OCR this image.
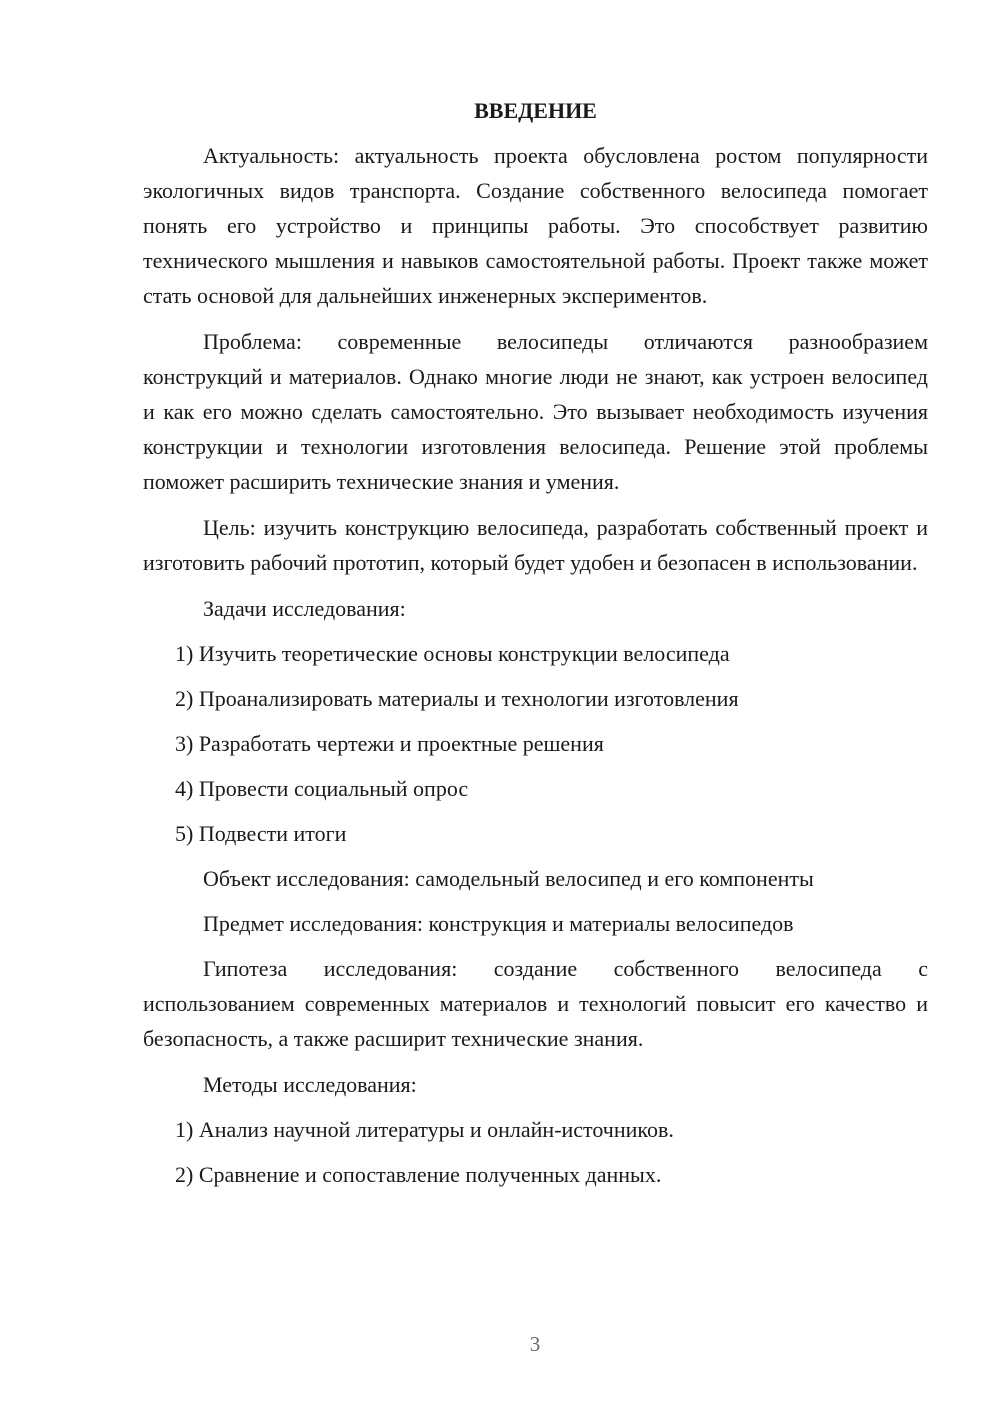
ВВЕДЕНИЕ

Актуальность: актуальность проекта обусловлена ростом популярности экологичных видов транспорта. Создание собственного велосипеда помогает понять его устройство и принципы работы. Это способствует развитию технического мышления и навыков самостоятельной работы. Проект также может стать основой для дальнейших инженерных экспериментов.

Проблема: современные велосипеды отличаются разнообразием конструкций и материалов. Однако многие люди не знают, как устроен велосипед и как его можно сделать самостоятельно. Это вызывает необходимость изучения конструкции и технологии изготовления велосипеда. Решение этой проблемы поможет расширить технические знания и умения.

Цель: изучить конструкцию велосипеда, разработать собственный проект и изготовить рабочий прототип, который будет удобен и безопасен в использовании.

Задачи исследования:
1) Изучить теоретические основы конструкции велосипеда
2) Проанализировать материалы и технологии изготовления
3) Разработать чертежи и проектные решения
4) Провести социальный опрос
5) Подвести итоги
Объект исследования: самодельный велосипед и его компоненты
Предмет исследования: конструкция и материалы велосипедов

Гипотеза исследования: создание собственного велосипеда с использованием современных материалов и технологий повысит его качество и безопасность, а также расширит технические знания.

Методы исследования:
1) Анализ научной литературы и онлайн-источников.
2) Сравнение и сопоставление полученных данных.
3
